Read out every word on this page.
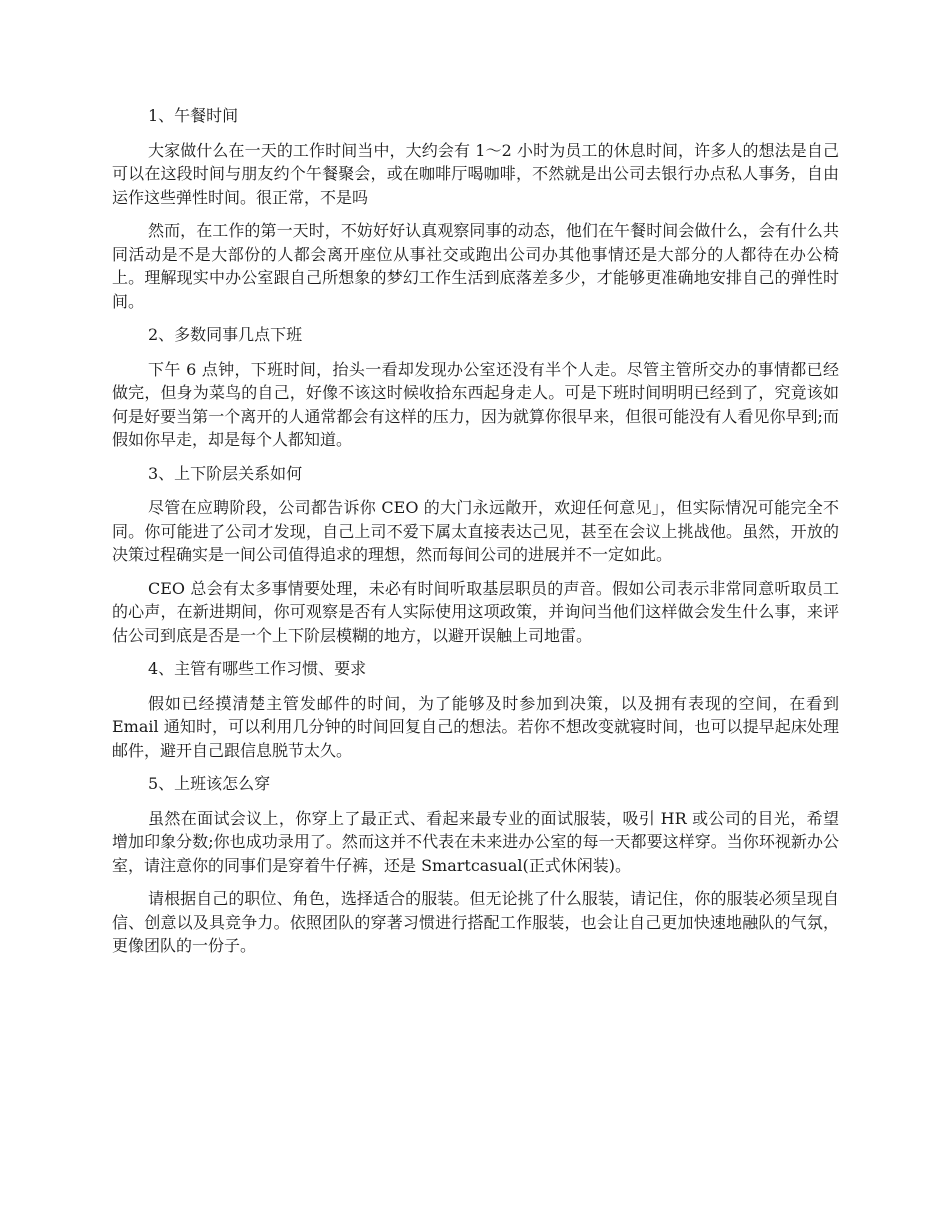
1、午餐时间

大家做什么在一天的工作时间当中，大约会有 1～2 小时为员工的休息时间，许多人的想法是自己可以在这段时间与朋友约个午餐聚会，或在咖啡厅喝咖啡，不然就是出公司去银行办点私人事务，自由运作这些弹性时间。很正常，不是吗

然而，在工作的第一天时，不妨好好认真观察同事的动态，他们在午餐时间会做什么，会有什么共同活动是不是大部份的人都会离开座位从事社交或跑出公司办其他事情还是大部分的人都待在办公椅上。理解现实中办公室跟自己所想象的梦幻工作生活到底落差多少，才能够更准确地安排自己的弹性时间。

2、多数同事几点下班

下午 6 点钟，下班时间，抬头一看却发现办公室还没有半个人走。尽管主管所交办的事情都已经做完，但身为菜鸟的自己，好像不该这时候收拾东西起身走人。可是下班时间明明已经到了，究竟该如何是好要当第一个离开的人通常都会有这样的压力，因为就算你很早来，但很可能没有人看见你早到;而假如你早走，却是每个人都知道。

3、上下阶层关系如何

尽管在应聘阶段，公司都告诉你 CEO 的大门永远敞开，欢迎任何意见」，但实际情况可能完全不同。你可能进了公司才发现，自己上司不爱下属太直接表达己见，甚至在会议上挑战他。虽然，开放的决策过程确实是一间公司值得追求的理想，然而每间公司的进展并不一定如此。

CEO 总会有太多事情要处理，未必有时间听取基层职员的声音。假如公司表示非常同意听取员工的心声，在新进期间，你可观察是否有人实际使用这项政策，并询问当他们这样做会发生什么事，来评估公司到底是否是一个上下阶层模糊的地方，以避开误触上司地雷。

4、主管有哪些工作习惯、要求

假如已经摸清楚主管发邮件的时间，为了能够及时参加到决策，以及拥有表现的空间，在看到 Email 通知时，可以利用几分钟的时间回复自己的想法。若你不想改变就寝时间，也可以提早起床处理邮件，避开自己跟信息脱节太久。

5、上班该怎么穿

虽然在面试会议上，你穿上了最正式、看起来最专业的面试服装，吸引 HR 或公司的目光，希望增加印象分数;你也成功录用了。然而这并不代表在未来进办公室的每一天都要这样穿。当你环视新办公室，请注意你的同事们是穿着牛仔裤，还是 Smartcasual(正式休闲装)。

请根据自己的职位、角色，选择适合的服装。但无论挑了什么服装，请记住，你的服装必须呈现自信、创意以及具竞争力。依照团队的穿著习惯进行搭配工作服装，也会让自己更加快速地融队的气氛，更像团队的一份子。
